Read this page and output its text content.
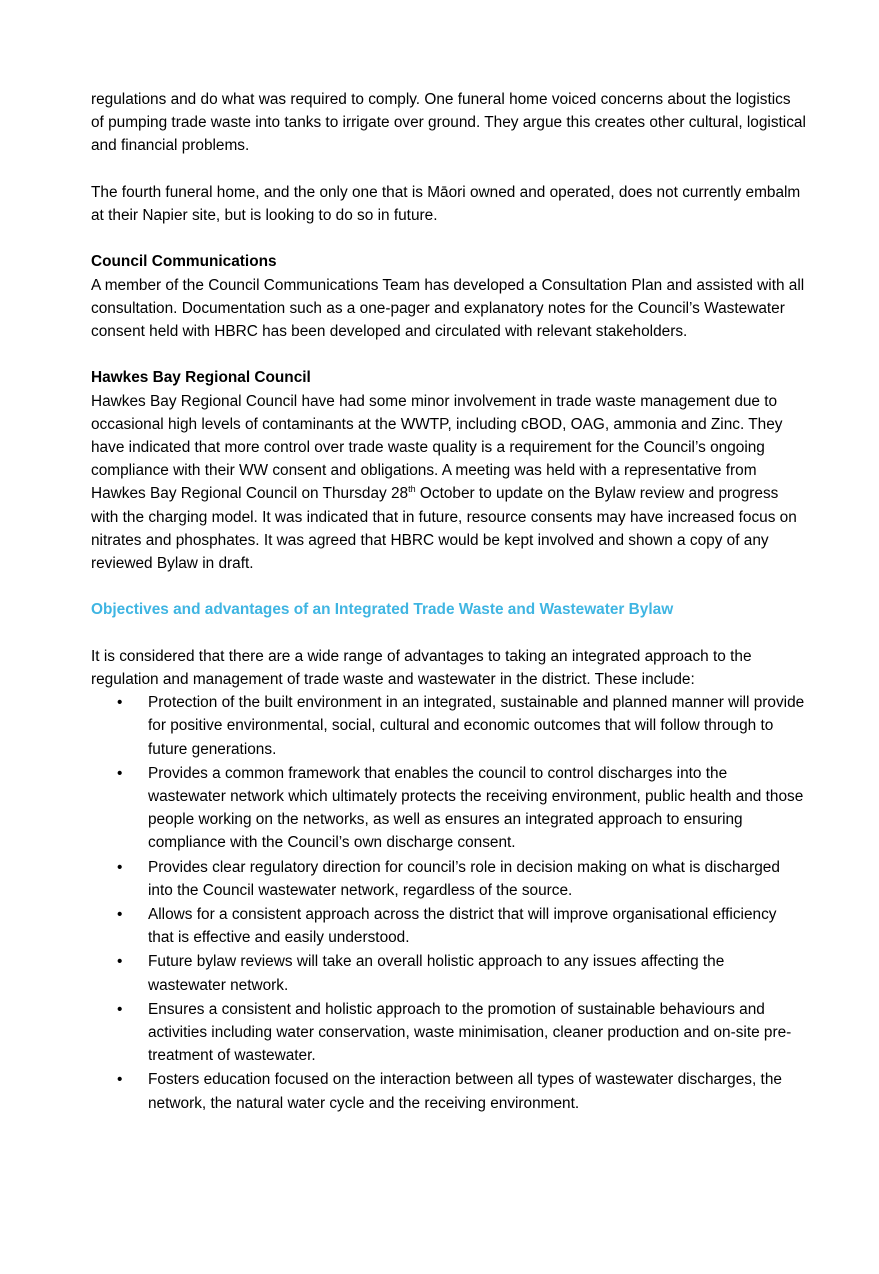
regulations and do what was required to comply. One funeral home voiced concerns about the logistics of pumping trade waste into tanks to irrigate over ground. They argue this creates other cultural, logistical and financial problems.

The fourth funeral home, and the only one that is Māori owned and operated, does not currently embalm at their Napier site, but is looking to do so in future.

Council Communications

A member of the Council Communications Team has developed a Consultation Plan and assisted with all consultation. Documentation such as a one-pager and explanatory notes for the Council’s Wastewater consent held with HBRC has been developed and circulated with relevant stakeholders.

Hawkes Bay Regional Council

Hawkes Bay Regional Council have had some minor involvement in trade waste management due to occasional high levels of contaminants at the WWTP, including cBOD, OAG, ammonia and Zinc. They have indicated that more control over trade waste quality is a requirement for the Council’s ongoing compliance with their WW consent and obligations. A meeting was held with a representative from Hawkes Bay Regional Council on Thursday 28th October to update on the Bylaw review and progress with the charging model. It was indicated that in future, resource consents may have increased focus on nitrates and phosphates. It was agreed that HBRC would be kept involved and shown a copy of any reviewed Bylaw in draft.

Objectives and advantages of an Integrated Trade Waste and Wastewater Bylaw

It is considered that there are a wide range of advantages to taking an integrated approach to the regulation and management of trade waste and wastewater in the district. These include:

• Protection of the built environment in an integrated, sustainable and planned manner will provide for positive environmental, social, cultural and economic outcomes that will follow through to future generations.
• Provides a common framework that enables the council to control discharges into the wastewater network which ultimately protects the receiving environment, public health and those people working on the networks, as well as ensures an integrated approach to ensuring compliance with the Council’s own discharge consent.
• Provides clear regulatory direction for council’s role in decision making on what is discharged into the Council wastewater network, regardless of the source.
• Allows for a consistent approach across the district that will improve organisational efficiency that is effective and easily understood.
• Future bylaw reviews will take an overall holistic approach to any issues affecting the wastewater network.
• Ensures a consistent and holistic approach to the promotion of sustainable behaviours and activities including water conservation, waste minimisation, cleaner production and on-site pre-treatment of wastewater.
• Fosters education focused on the interaction between all types of wastewater discharges, the network, the natural water cycle and the receiving environment.
